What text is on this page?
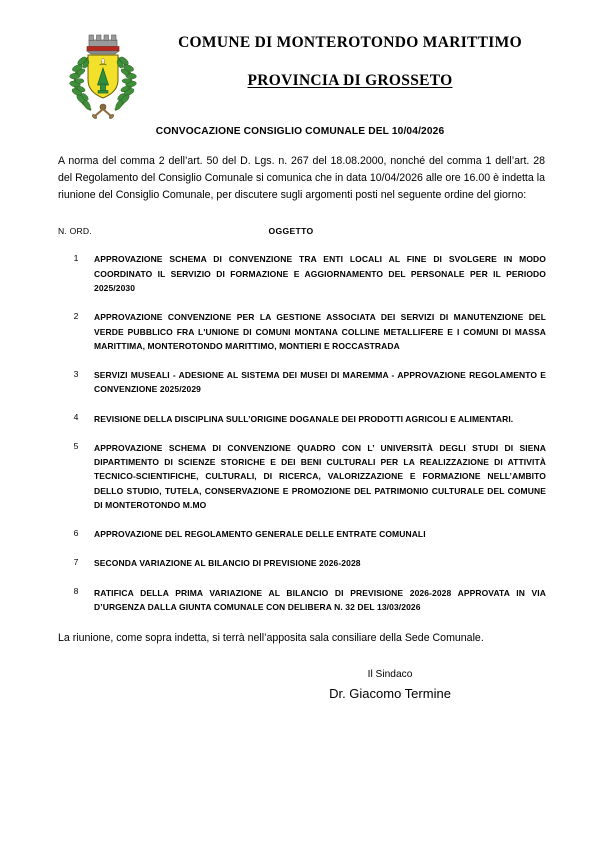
COMUNE DI MONTEROTONDO MARITTIMO
PROVINCIA DI GROSSETO
CONVOCAZIONE CONSIGLIO COMUNALE DEL 10/04/2026
A norma del comma 2 dell’art. 50 del D. Lgs. n. 267 del 18.08.2000, nonché del comma 1 dell’art. 28 del Regolamento del Consiglio Comunale si comunica che in data 10/04/2026 alle ore 16.00 è indetta la riunione del Consiglio Comunale, per discutere sugli argomenti posti nel seguente ordine del giorno:
N. ORD.	OGGETTO
1	APPROVAZIONE SCHEMA DI CONVENZIONE TRA ENTI LOCALI AL FINE DI SVOLGERE IN MODO COORDINATO IL SERVIZIO DI FORMAZIONE E AGGIORNAMENTO DEL PERSONALE PER IL PERIODO 2025/2030
2	APPROVAZIONE CONVENZIONE PER LA GESTIONE ASSOCIATA DEI SERVIZI DI MANUTENZIONE DEL VERDE PUBBLICO FRA L'UNIONE DI COMUNI MONTANA COLLINE METALLIFERE E I COMUNI DI MASSA MARITTIMA, MONTEROTONDO MARITTIMO, MONTIERI E ROCCASTRADA
3	SERVIZI MUSEALI - ADESIONE AL SISTEMA DEI MUSEI DI MAREMMA - APPROVAZIONE REGOLAMENTO E CONVENZIONE 2025/2029
4	REVISIONE DELLA DISCIPLINA SULL’ORIGINE DOGANALE DEI PRODOTTI AGRICOLI E ALIMENTARI.
5	APPROVAZIONE SCHEMA DI CONVENZIONE QUADRO CON L’ UNIVERSITÀ DEGLI STUDI DI SIENA DIPARTIMENTO DI SCIENZE STORICHE E DEI BENI CULTURALI PER LA REALIZZAZIONE DI ATTIVITÀ TECNICO-SCIENTIFICHE, CULTURALI, DI RICERCA, VALORIZZAZIONE E FORMAZIONE NELL’AMBITO DELLO STUDIO, TUTELA, CONSERVAZIONE E PROMOZIONE DEL PATRIMONIO CULTURALE DEL COMUNE DI MONTEROTONDO M.MO
6	APPROVAZIONE DEL REGOLAMENTO GENERALE DELLE ENTRATE COMUNALI
7	SECONDA VARIAZIONE AL BILANCIO DI PREVISIONE 2026-2028
8	RATIFICA DELLA PRIMA VARIAZIONE AL BILANCIO DI PREVISIONE 2026-2028 APPROVATA IN VIA D’URGENZA DALLA GIUNTA COMUNALE CON DELIBERA N. 32 DEL 13/03/2026
La riunione, come sopra indetta, si terrà nell’apposita sala consiliare della Sede Comunale.
Il Sindaco
Dr. Giacomo Termine
